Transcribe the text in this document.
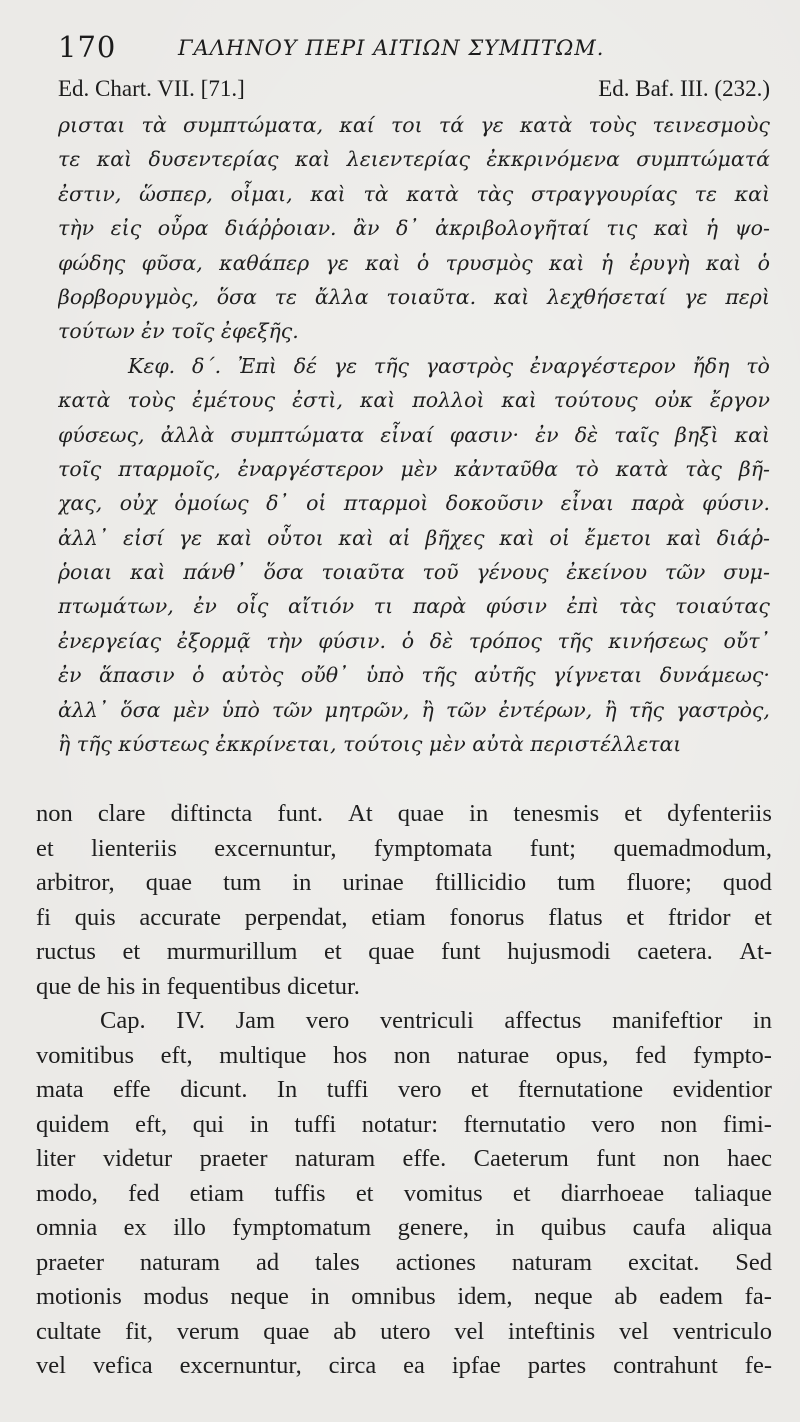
170	ΓΑΛΗΝΟΥ ΠΕΡΙ ΑΙΤΙΩΝ ΣΥΜΠΤΩΜ.
Ed. Chart. VII. [71.]	Ed. Baf. III. (232.)
ρισται τὰ συμπτώματα, καί τοι τά γε κατὰ τοὺς τεινεσμοὺς
τε καὶ δυσεντερίας καὶ λειεντερίας ἐκκρινόμενα συμπτώματά
ἐστιν, ὥσπερ, οἶμαι, καὶ τὰ κατὰ τὰς στραγγουρίας τε καὶ
τὴν εἰς οὖρα διάῤῥοιαν. ἂν δ᾽ ἀκριβολογῆταί τις καὶ ἡ ψο-
φώδης φῦσα, καθάπερ γε καὶ ὁ τρυσμὸς καὶ ἡ ἐρυγὴ καὶ ὁ
βορβορυγμὸς, ὅσα τε ἄλλα τοιαῦτα. καὶ λεχθήσεταί γε περὶ
τούτων ἐν τοῖς ἐφεξῆς.
Κεφ. δ΄. Ἐπὶ δέ γε τῆς γαστρὸς ἐναργέστερον ἤδη τὸ
κατὰ τοὺς ἐμέτους ἐστὶ, καὶ πολλοὶ καὶ τούτους οὐκ ἔργον
φύσεως, ἀλλὰ συμπτώματα εἶναί φασιν· ἐν δὲ ταῖς βηξὶ καὶ
τοῖς πταρμοῖς, ἐναργέστερον μὲν κἀνταῦθα τὸ κατὰ τὰς βῆ-
χας, οὐχ ὁμοίως δ᾽ οἱ πταρμοὶ δοκοῦσιν εἶναι παρὰ φύσιν.
ἀλλ᾽ εἰσί γε καὶ οὗτοι καὶ αἱ βῆχες καὶ οἱ ἔμετοι καὶ διάῤ-
ῥοιαι καὶ πάνθ᾽ ὅσα τοιαῦτα τοῦ γένους ἐκείνου τῶν συμ-
πτωμάτων, ἐν οἷς αἴτιόν τι παρὰ φύσιν ἐπὶ τὰς τοιαύτας
ἐνεργείας ἐξορμᾷ τὴν φύσιν. ὁ δὲ τρόπος τῆς κινήσεως οὔτ᾽
ἐν ἅπασιν ὁ αὐτὸς οὔθ᾽ ὑπὸ τῆς αὐτῆς γίγνεται δυνάμεως·
ἀλλ᾽ ὅσα μὲν ὑπὸ τῶν μητρῶν, ἢ τῶν ἐντέρων, ἢ τῆς γαστρὸς,
ἢ τῆς κύστεως ἐκκρίνεται, τούτοις μὲν αὐτὰ περιστέλλεται
non clare diftincta funt. At quae in tenesmis et dyfenteriis
et lienteriis excernuntur, fymptomata funt; quemadmodum,
arbitror, quae tum in urinae ftillicidio tum fluore; quod
fi quis accurate perpendat, etiam fonorus flatus et ftridor et
ructus et murmurillum et quae funt hujusmodi caetera. At-
que de his in fequentibus dicetur.
Cap. IV. Jam vero ventriculi affectus manifeftior in
vomitibus eft, multique hos non naturae opus, fed fympto-
mata effe dicunt. In tuffi vero et fternutatione evidentior
quidem eft, qui in tuffi notatur: fternutatio vero non fimi-
liter videtur praeter naturam effe. Caeterum funt non haec
modo, fed etiam tuffis et vomitus et diarrhoeae taliaque
omnia ex illo fymptomatum genere, in quibus caufa aliqua
praeter naturam ad tales actiones naturam excitat. Sed
motionis modus neque in omnibus idem, neque ab eadem fa-
cultate fit, verum quae ab utero vel inteftinis vel ventriculo
vel vefica excernuntur, circa ea ipfae partes contrahunt fe-
